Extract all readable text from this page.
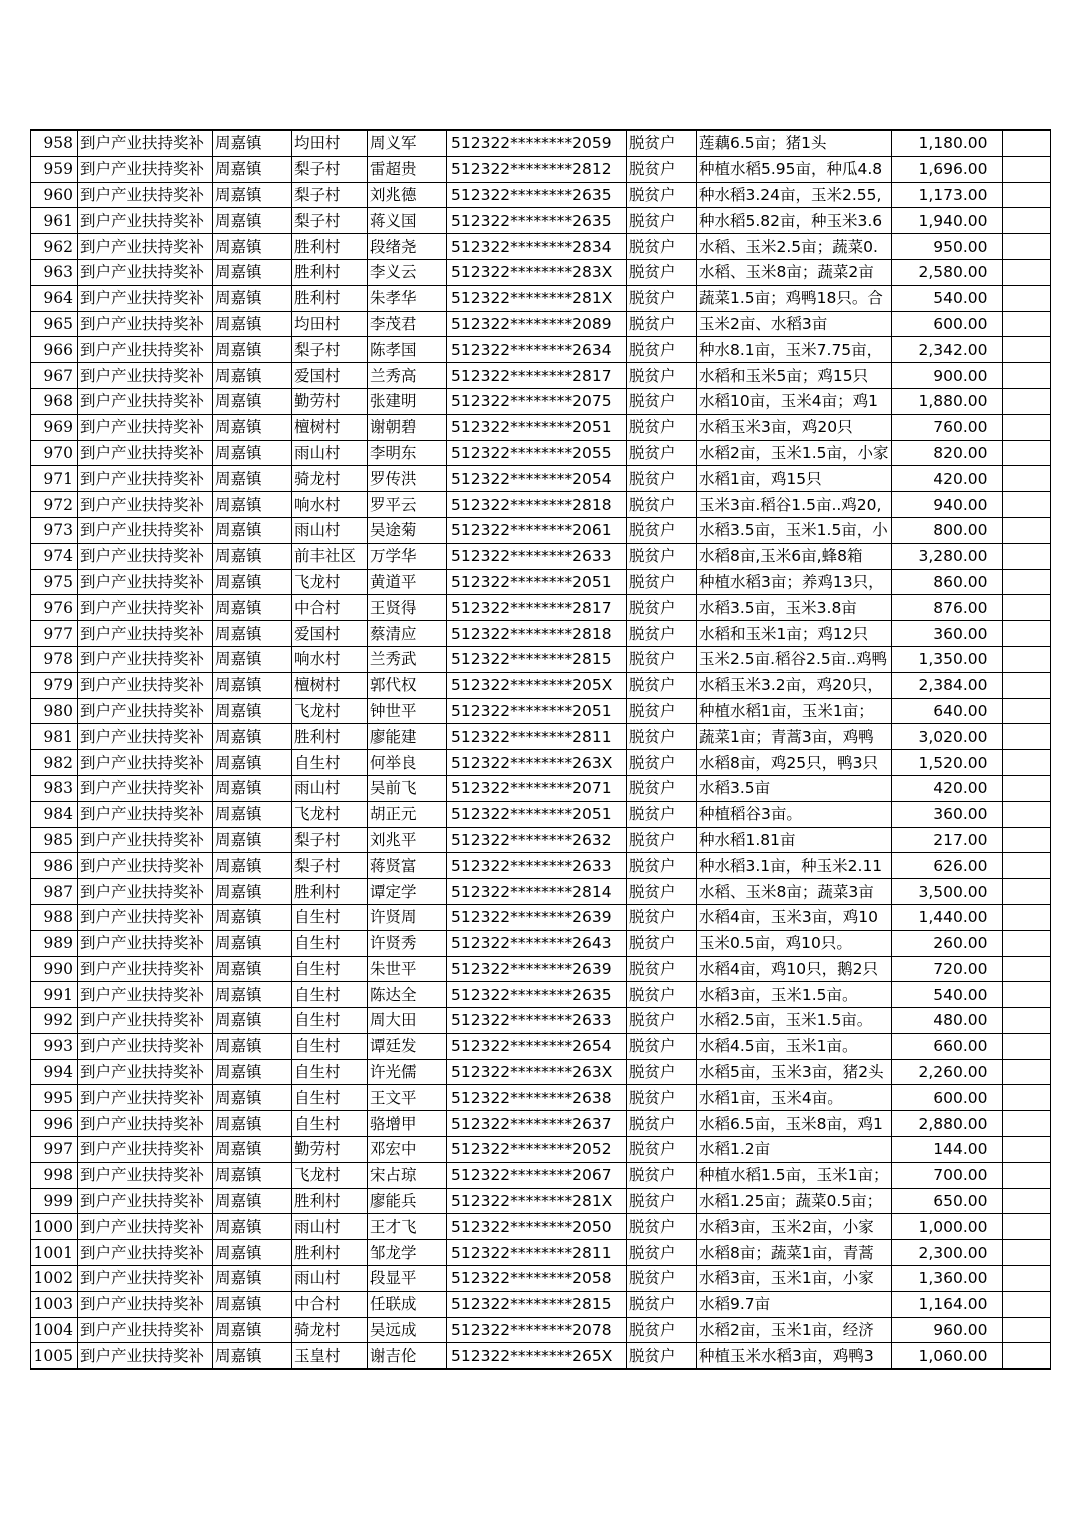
958	到户产业扶持奖补	周嘉镇	均田村	周义军	512322********2059	脱贫户	莲藕6.5亩；猪1头	1,180.00	
959	到户产业扶持奖补	周嘉镇	梨子村	雷超贵	512322********2812	脱贫户	种植水稻5.95亩，种瓜4.8	1,696.00	
960	到户产业扶持奖补	周嘉镇	梨子村	刘兆德	512322********2635	脱贫户	种水稻3.24亩，玉米2.55,	1,173.00	
961	到户产业扶持奖补	周嘉镇	梨子村	蒋义国	512322********2635	脱贫户	种水稻5.82亩，种玉米3.6	1,940.00	
962	到户产业扶持奖补	周嘉镇	胜利村	段绪尧	512322********2834	脱贫户	水稻、玉米2.5亩；蔬菜0.	950.00	
963	到户产业扶持奖补	周嘉镇	胜利村	李义云	512322********283X	脱贫户	水稻、玉米8亩；蔬菜2亩	2,580.00	
964	到户产业扶持奖补	周嘉镇	胜利村	朱孝华	512322********281X	脱贫户	蔬菜1.5亩；鸡鸭18只。合	540.00	
965	到户产业扶持奖补	周嘉镇	均田村	李茂君	512322********2089	脱贫户	玉米2亩、水稻3亩	600.00	
966	到户产业扶持奖补	周嘉镇	梨子村	陈孝国	512322********2634	脱贫户	种水8.1亩，玉米7.75亩，	2,342.00	
967	到户产业扶持奖补	周嘉镇	爱国村	兰秀高	512322********2817	脱贫户	水稻和玉米5亩；鸡15只	900.00	
968	到户产业扶持奖补	周嘉镇	勤劳村	张建明	512322********2075	脱贫户	水稻10亩，玉米4亩；鸡1	1,880.00	
969	到户产业扶持奖补	周嘉镇	檀树村	谢朝碧	512322********2051	脱贫户	水稻玉米3亩，鸡20只	760.00	
970	到户产业扶持奖补	周嘉镇	雨山村	李明东	512322********2055	脱贫户	水稻2亩，玉米1.5亩，小家	820.00	
971	到户产业扶持奖补	周嘉镇	骑龙村	罗传洪	512322********2054	脱贫户	水稻1亩，鸡15只	420.00	
972	到户产业扶持奖补	周嘉镇	响水村	罗平云	512322********2818	脱贫户	玉米3亩.稻谷1.5亩..鸡20,	940.00	
973	到户产业扶持奖补	周嘉镇	雨山村	吴途菊	512322********2061	脱贫户	水稻3.5亩，玉米1.5亩，小	800.00	
974	到户产业扶持奖补	周嘉镇	前丰社区	万学华	512322********2633	脱贫户	水稻8亩,玉米6亩,蜂8箱	3,280.00	
975	到户产业扶持奖补	周嘉镇	飞龙村	黄道平	512322********2051	脱贫户	种植水稻3亩；养鸡13只，	860.00	
976	到户产业扶持奖补	周嘉镇	中合村	王贤得	512322********2817	脱贫户	水稻3.5亩，玉米3.8亩	876.00	
977	到户产业扶持奖补	周嘉镇	爱国村	蔡清应	512322********2818	脱贫户	水稻和玉米1亩；鸡12只	360.00	
978	到户产业扶持奖补	周嘉镇	响水村	兰秀武	512322********2815	脱贫户	玉米2.5亩.稻谷2.5亩..鸡鸭	1,350.00	
979	到户产业扶持奖补	周嘉镇	檀树村	郭代权	512322********205X	脱贫户	水稻玉米3.2亩，鸡20只，	2,384.00	
980	到户产业扶持奖补	周嘉镇	飞龙村	钟世平	512322********2051	脱贫户	种植水稻1亩，玉米1亩；	640.00	
981	到户产业扶持奖补	周嘉镇	胜利村	廖能建	512322********2811	脱贫户	蔬菜1亩；青蒿3亩，鸡鸭	3,020.00	
982	到户产业扶持奖补	周嘉镇	自生村	何举良	512322********263X	脱贫户	水稻8亩，鸡25只，鸭3只	1,520.00	
983	到户产业扶持奖补	周嘉镇	雨山村	吴前飞	512322********2071	脱贫户	水稻3.5亩	420.00	
984	到户产业扶持奖补	周嘉镇	飞龙村	胡正元	512322********2051	脱贫户	种植稻谷3亩。	360.00	
985	到户产业扶持奖补	周嘉镇	梨子村	刘兆平	512322********2632	脱贫户	种水稻1.81亩	217.00	
986	到户产业扶持奖补	周嘉镇	梨子村	蒋贤富	512322********2633	脱贫户	种水稻3.1亩，种玉米2.11	626.00	
987	到户产业扶持奖补	周嘉镇	胜利村	谭定学	512322********2814	脱贫户	水稻、玉米8亩；蔬菜3亩	3,500.00	
988	到户产业扶持奖补	周嘉镇	自生村	许贤周	512322********2639	脱贫户	水稻4亩，玉米3亩，鸡10	1,440.00	
989	到户产业扶持奖补	周嘉镇	自生村	许贤秀	512322********2643	脱贫户	玉米0.5亩，鸡10只。	260.00	
990	到户产业扶持奖补	周嘉镇	自生村	朱世平	512322********2639	脱贫户	水稻4亩，鸡10只，鹅2只	720.00	
991	到户产业扶持奖补	周嘉镇	自生村	陈达全	512322********2635	脱贫户	水稻3亩，玉米1.5亩。	540.00	
992	到户产业扶持奖补	周嘉镇	自生村	周大田	512322********2633	脱贫户	水稻2.5亩，玉米1.5亩。	480.00	
993	到户产业扶持奖补	周嘉镇	自生村	谭廷发	512322********2654	脱贫户	水稻4.5亩，玉米1亩。	660.00	
994	到户产业扶持奖补	周嘉镇	自生村	许光儒	512322********263X	脱贫户	水稻5亩，玉米3亩，猪2头	2,260.00	
995	到户产业扶持奖补	周嘉镇	自生村	王文平	512322********2638	脱贫户	水稻1亩，玉米4亩。	600.00	
996	到户产业扶持奖补	周嘉镇	自生村	骆增甲	512322********2637	脱贫户	水稻6.5亩，玉米8亩，鸡1	2,880.00	
997	到户产业扶持奖补	周嘉镇	勤劳村	邓宏中	512322********2052	脱贫户	水稻1.2亩	144.00	
998	到户产业扶持奖补	周嘉镇	飞龙村	宋占琼	512322********2067	脱贫户	种植水稻1.5亩，玉米1亩；	700.00	
999	到户产业扶持奖补	周嘉镇	胜利村	廖能兵	512322********281X	脱贫户	水稻1.25亩；蔬菜0.5亩；	650.00	
1000	到户产业扶持奖补	周嘉镇	雨山村	王才飞	512322********2050	脱贫户	水稻3亩，玉米2亩，小家	1,000.00	
1001	到户产业扶持奖补	周嘉镇	胜利村	邹龙学	512322********2811	脱贫户	水稻8亩；蔬菜1亩，青蒿	2,300.00	
1002	到户产业扶持奖补	周嘉镇	雨山村	段显平	512322********2058	脱贫户	水稻3亩，玉米1亩，小家	1,360.00	
1003	到户产业扶持奖补	周嘉镇	中合村	任联成	512322********2815	脱贫户	水稻9.7亩	1,164.00	
1004	到户产业扶持奖补	周嘉镇	骑龙村	吴远成	512322********2078	脱贫户	水稻2亩，玉米1亩，经济	960.00	
1005	到户产业扶持奖补	周嘉镇	玉皇村	谢吉伦	512322********265X	脱贫户	种植玉米水稻3亩，鸡鸭3	1,060.00	
